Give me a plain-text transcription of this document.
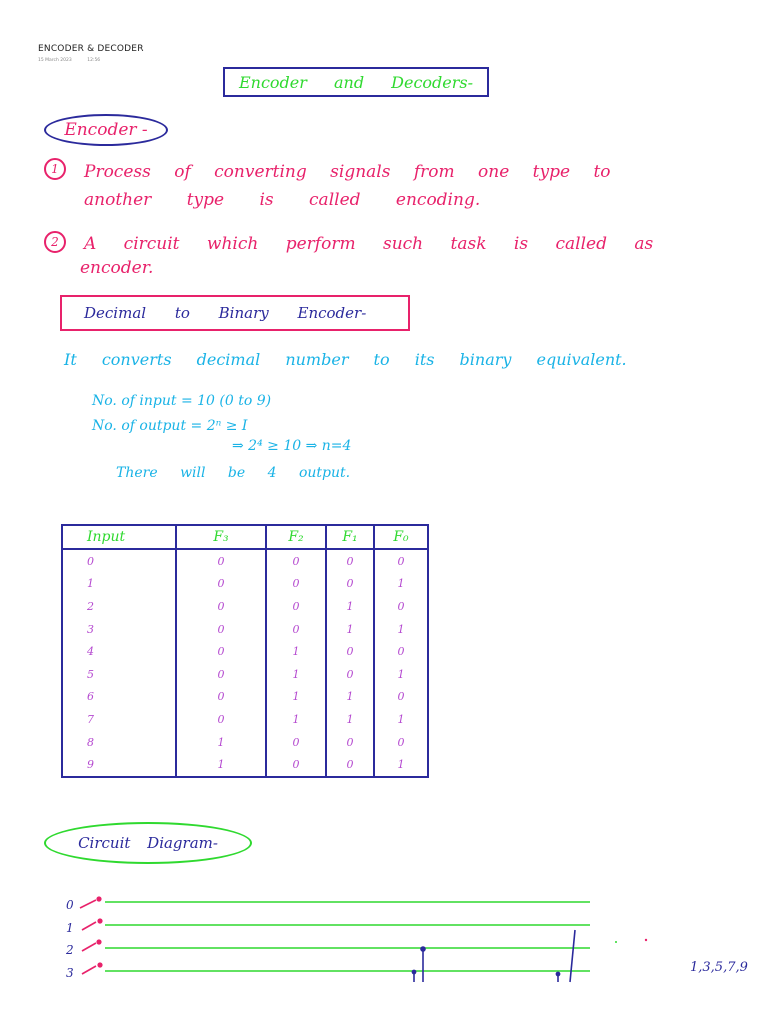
ENCODER & DECODER
15 March 2023	12:56
Encoder and Decoders-
Encoder -
1 Process of converting signals from one type to
another type is called encoding.
2 A circuit which perform such task is called as
encoder.
Decimal to Binary Encoder-
It converts decimal number to its binary equivalent.
No. of input = 10 (0 to 9)
No. of output = 2ⁿ ≥ I
⇒ 2⁴ ≥ 10 ⇒ n=4
There will be 4 output.
Input	F₃	F₂	F₁	F₀
0	0	0	0	0
1	0	0	0	1
2	0	0	1	0
3	0	0	1	1
4	0	1	0	0
5	0	1	0	1
6	0	1	1	0
7	0	1	1	1
8	1	0	0	0
9	1	0	0	1
Circuit Diagram-
0
1
2
3	1,3,5,7,9
